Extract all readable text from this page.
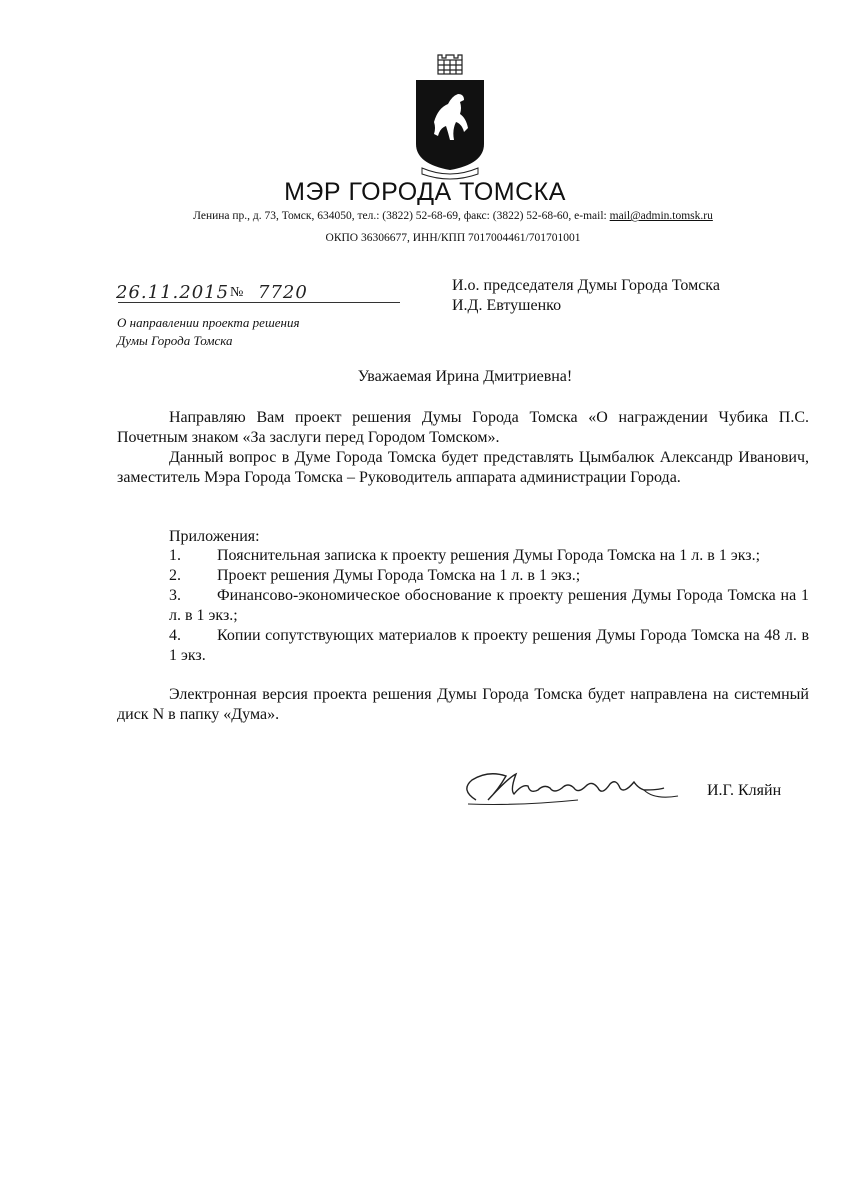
МЭР ГОРОДА ТОМСКА
Ленина пр., д. 73, Томск, 634050, тел.: (3822) 52-68-69, факс: (3822) 52-68-60, e-mail: mail@admin.tomsk.ru
ОКПО 36306677, ИНН/КПП 7017004461/701701001
26.11.2015 № 7720
О направлении проекта решения
Думы Города Томска
И.о. председателя Думы Города Томска
И.Д. Евтушенко
Уважаемая Ирина Дмитриевна!
Направляю Вам проект решения Думы Города Томска «О награждении Чубика П.С. Почетным знаком «За заслуги перед Городом Томском».
Данный вопрос в Думе Города Томска будет представлять Цымбалюк Александр Иванович, заместитель Мэра Города Томска – Руководитель аппарата администрации Города.
Приложения:
1.	Пояснительная записка к проекту решения Думы Города Томска на 1 л. в 1 экз.;
2.	Проект решения Думы Города Томска на 1 л. в 1 экз.;
3.	Финансово-экономическое обоснование к проекту решения Думы Города Томска на 1 л. в 1 экз.;
4.	Копии сопутствующих материалов к проекту решения Думы Города Томска на 48 л. в 1 экз.
Электронная версия проекта решения Думы Города Томска будет направлена на системный диск N в папку «Дума».
И.Г. Кляйн
